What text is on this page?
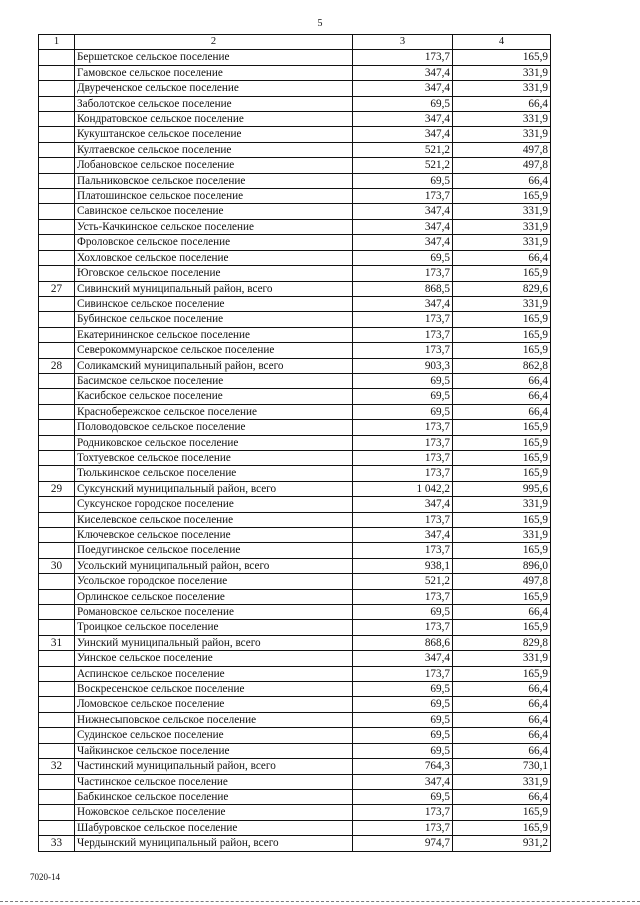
5
1	2	3	4
	Бершетское сельское поселение	173,7	165,9
	Гамовское сельское поселение	347,4	331,9
	Двуреченское сельское поселение	347,4	331,9
	Заболотское сельское поселение	69,5	66,4
	Кондратовское сельское поселение	347,4	331,9
	Кукуштанское сельское поселение	347,4	331,9
	Култаевское сельское поселение	521,2	497,8
	Лобановское сельское поселение	521,2	497,8
	Пальниковское сельское поселение	69,5	66,4
	Платошинское сельское поселение	173,7	165,9
	Савинское сельское поселение	347,4	331,9
	Усть-Качкинское сельское поселение	347,4	331,9
	Фроловское сельское поселение	347,4	331,9
	Хохловское сельское поселение	69,5	66,4
	Юговское сельское поселение	173,7	165,9
27	Сивинский муниципальный район, всего	868,5	829,6
	Сивинское сельское поселение	347,4	331,9
	Бубинское сельское поселение	173,7	165,9
	Екатерининское сельское поселение	173,7	165,9
	Северокоммунарское сельское поселение	173,7	165,9
28	Соликамский муниципальный район, всего	903,3	862,8
	Басимское сельское поселение	69,5	66,4
	Касибское сельское поселение	69,5	66,4
	Краснобережское сельское поселение	69,5	66,4
	Половодовское сельское поселение	173,7	165,9
	Родниковское сельское поселение	173,7	165,9
	Тохтуевское сельское поселение	173,7	165,9
	Тюлькинское сельское поселение	173,7	165,9
29	Суксунский муниципальный район, всего	1 042,2	995,6
	Суксунское городское поселение	347,4	331,9
	Киселевское сельское поселение	173,7	165,9
	Ключевское сельское поселение	347,4	331,9
	Поедугинское сельское поселение	173,7	165,9
30	Усольский муниципальный район, всего	938,1	896,0
	Усольское городское поселение	521,2	497,8
	Орлинское сельское поселение	173,7	165,9
	Романовское сельское поселение	69,5	66,4
	Троицкое сельское поселение	173,7	165,9
31	Уинский муниципальный район, всего	868,6	829,8
	Уинское сельское поселение	347,4	331,9
	Аспинское сельское поселение	173,7	165,9
	Воскресенское сельское поселение	69,5	66,4
	Ломовское сельское поселение	69,5	66,4
	Нижнесыповское сельское поселение	69,5	66,4
	Судинское сельское поселение	69,5	66,4
	Чайкинское сельское поселение	69,5	66,4
32	Частинский муниципальный район, всего	764,3	730,1
	Частинское сельское поселение	347,4	331,9
	Бабкинское сельское поселение	69,5	66,4
	Ножовское сельское поселение	173,7	165,9
	Шабуровское сельское поселение	173,7	165,9
33	Чердынский муниципальный район, всего	974,7	931,2
7020-14
